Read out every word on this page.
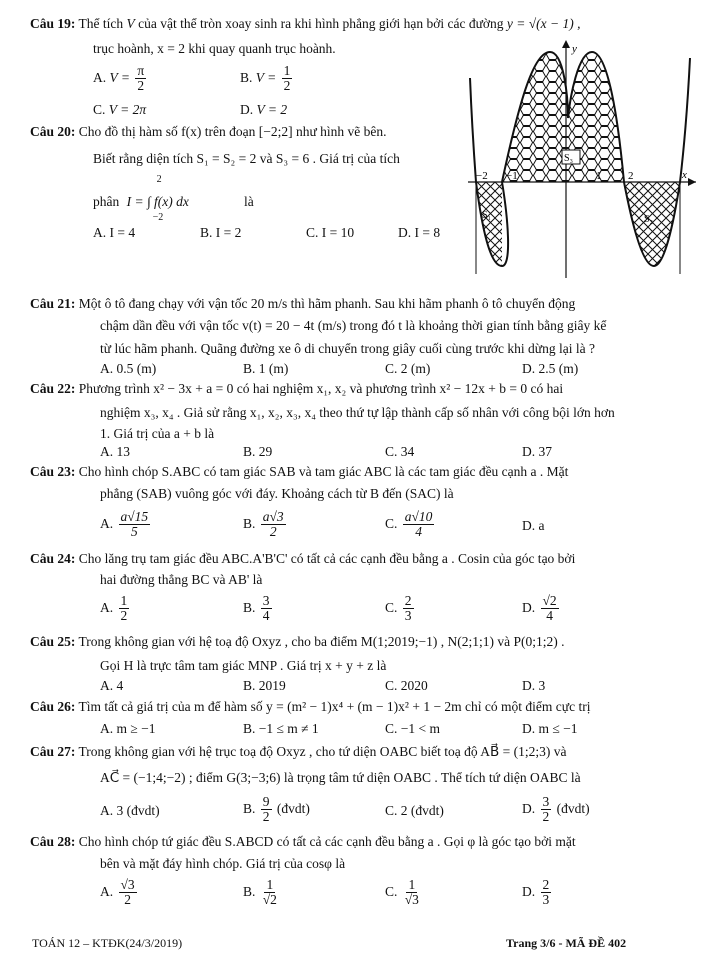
Câu 19: Thể tích V của vật thể tròn xoay sinh ra khi hình phẳng giới hạn bởi các đường y = √(x − 1) ,
trục hoành, x = 2 khi quay quanh trục hoành.
A. $V = \frac{\pi}{2}$	B. $V = \frac{1}{2}$
C. V = 2π	D. V = 2
Câu 20: Cho đồ thị hàm số f(x) trên đoạn [−2;2] như hình vẽ bên.
Biết rằng diện tích S₁ = S₂ = 2 và S₃ = 6 . Giá trị của tích
phân
2
I = ∫ f(x) dx
−2
là
A. I = 4	B. I = 2	C. I = 10	D. I = 8
y
x
−2 −1	1 2
S₃
S₁	S₂
Câu 21: Một ô tô đang chạy với vận tốc 20 m/s thì hãm phanh. Sau khi hãm phanh ô tô chuyển động
chậm dần đều với vận tốc v(t) = 20 − 4t (m/s) trong đó t là khoảng thời gian tính bằng giây kể
từ lúc hãm phanh. Quãng đường xe ô di chuyển trong giây cuối cùng trước khi dừng lại là ?
A. 0.5 (m)	B. 1 (m)	C. 2 (m)	D. 2.5 (m)
Câu 22: Phương trình x² − 3x + a = 0 có hai nghiệm x₁, x₂ và phương trình x² − 12x + b = 0 có hai
nghiệm x₃, x₄ . Giả sử rằng x₁, x₂, x₃, x₄ theo thứ tự lập thành cấp số nhân với công bội lớn hơn
1. Giá trị của a + b là
A. 13	B. 29	C. 34	D. 37
Câu 23: Cho hình chóp S.ABC có tam giác SAB và tam giác ABC là các tam giác đều cạnh a . Mặt
phẳng (SAB) vuông góc với đáy. Khoảng cách từ B đến (SAC) là
A. $\frac{a√15}{5}$	B. $\frac{a√3}{2}$	C. $\frac{a√10}{4}$	D. a
Câu 24: Cho lăng trụ tam giác đều ABC.A'B'C' có tất cả các cạnh đều bằng a . Cosin của góc tạo bởi
hai đường thẳng BC và AB' là
A. $\frac{1}{2}$	B. $\frac{3}{4}$	C. $\frac{2}{3}$	D. $\frac{√2}{4}$
Câu 25: Trong không gian với hệ toạ độ Oxyz , cho ba điểm M(1;2019;−1) , N(2;1;1) và P(0;1;2) .
Gọi H là trực tâm tam giác MNP . Giá trị x + y + z là
A. 4	B. 2019	C. 2020	D. 3
Câu 26: Tìm tất cả giá trị của m để hàm số y = (m² − 1)x⁴ + (m − 1)x² + 1 − 2m chỉ có một điểm cực trị
A. m ≥ −1	B. −1 ≤ m ≠ 1	C. −1 < m	D. m ≤ −1
Câu 27: Trong không gian với hệ trục toạ độ Oxyz , cho tứ diện OABC biết toạ độ AB⃗ = (1;2;3) và
AC⃗ = (−1;4;−2) ; điểm G(3;−3;6) là trọng tâm tứ diện OABC . Thể tích tứ diện OABC là
A. 3 (đvdt)	B. $\frac{9}{2}$ (đvdt)	C. 2 (đvdt)	D. $\frac{3}{2}$ (đvdt)
Câu 28: Cho hình chóp tứ giác đều S.ABCD có tất cả các cạnh đều bằng a . Gọi φ là góc tạo bởi mặt
bên và mặt đáy hình chóp. Giá trị của cosφ là
A. $\frac{√3}{2}$	B. $\frac{1}{√2}$	C. $\frac{1}{√3}$	D. $\frac{2}{3}$
TOÁN 12 – KTĐK(24/3/2019)	Trang 3/6 - MÃ ĐỀ 402
